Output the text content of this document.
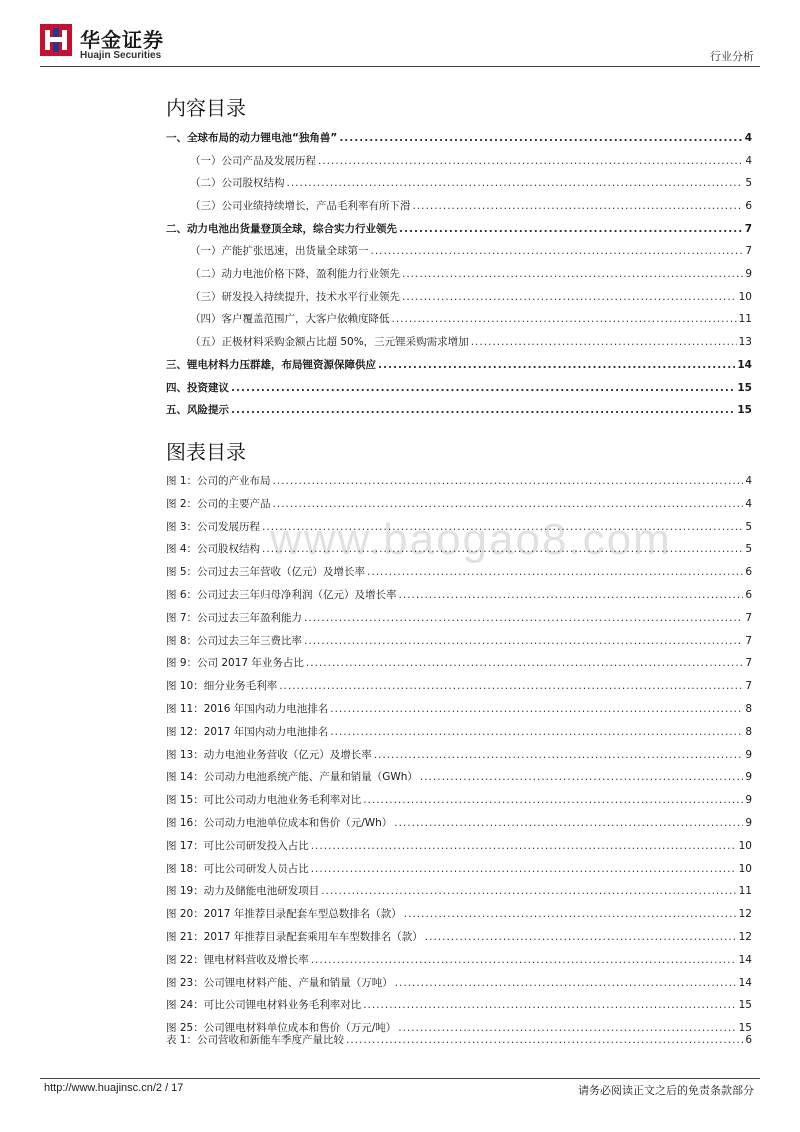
华金证券
Huajin Securities	行业分析
www.baogao8.com
内容目录
一、全球布局的动力锂电池“独角兽” .....	4
（一）公司产品及发展历程 .....	4
（二）公司股权结构 .....	5
（三）公司业绩持续增长，产品毛利率有所下滑 .....	6
二、动力电池出货量登顶全球，综合实力行业领先 .....	7
（一）产能扩张迅速，出货量全球第一 .....	7
（二）动力电池价格下降，盈利能力行业领先 .....	9
（三）研发投入持续提升，技术水平行业领先 .....	10
（四）客户覆盖范围广，大客户依赖度降低 .....	11
（五）正极材料采购金额占比超 50%，三元锂采购需求增加 .....	13
三、锂电材料力压群雄，布局锂资源保障供应 .....	14
四、投资建议 .....	15
五、风险提示 .....	15
图表目录
图 1：公司的产业布局 .....	4
图 2：公司的主要产品 .....	4
图 3：公司发展历程 .....	5
图 4：公司股权结构 .....	5
图 5：公司过去三年营收（亿元）及增长率 .....	6
图 6：公司过去三年归母净利润（亿元）及增长率 .....	6
图 7：公司过去三年盈利能力 .....	7
图 8：公司过去三年三费比率 .....	7
图 9：公司 2017 年业务占比 .....	7
图 10：细分业务毛利率 .....	7
图 11：2016 年国内动力电池排名 .....	8
图 12：2017 年国内动力电池排名 .....	8
图 13：动力电池业务营收（亿元）及增长率 .....	9
图 14：公司动力电池系统产能、产量和销量（GWh） .....	9
图 15：可比公司动力电池业务毛利率对比 .....	9
图 16：公司动力电池单位成本和售价（元/Wh） .....	9
图 17：可比公司研发投入占比 .....	10
图 18：可比公司研发人员占比 .....	10
图 19：动力及储能电池研发项目 .....	11
图 20：2017 年推荐目录配套车型总数排名（款） .....	12
图 21：2017 年推荐目录配套乘用车车型数排名（款） .....	12
图 22：锂电材料营收及增长率 .....	14
图 23：公司锂电材料产能、产量和销量（万吨） .....	14
图 24：可比公司锂电材料业务毛利率对比 .....	15
图 25：公司锂电材料单位成本和售价（万元/吨） .....	15
表 1：公司营收和新能车季度产量比较 .....	6
http://www.huajinsc.cn/2 / 17	请务必阅读正文之后的免责条款部分
